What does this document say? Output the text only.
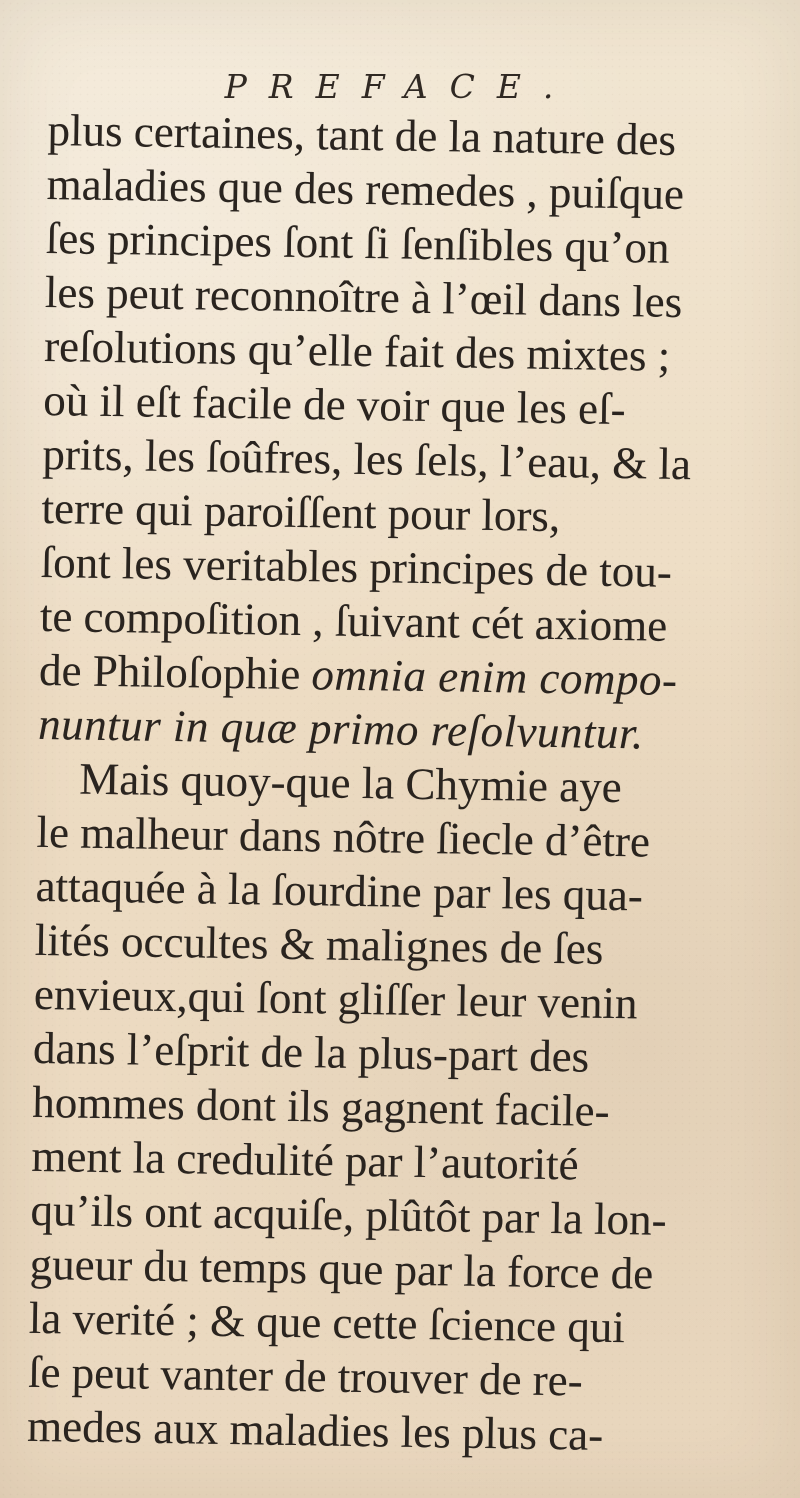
PREFACE.
plus certaines, tant de la nature des
maladies que des remedes , puiſque
ſes principes ſont ſi ſenſibles qu’on
les peut reconnoître à l’œil dans les
reſolutions qu’elle fait des mixtes ;
où il eſt facile de voir que les eſ-
prits, les ſoûfres, les ſels, l’eau, & la
terre qui paroiſſent pour lors,
ſont les veritables principes de tou-
te compoſition , ſuivant cét axiome
de Philoſophie omnia enim compo-
nuntur in quæ primo reſolvuntur.
Mais quoy-que la Chymie aye
le malheur dans nôtre ſiecle d’être
attaquée à la ſourdine par les qua-
lités occultes & malignes de ſes
envieux,qui ſont gliſſer leur venin
dans l’eſprit de la plus-part des
hommes dont ils gagnent facile-
ment la credulité par l’autorité
qu’ils ont acquiſe, plûtôt par la lon-
gueur du temps que par la force de
la verité ; & que cette ſcience qui
ſe peut vanter de trouver de re-
medes aux maladies les plus ca-
